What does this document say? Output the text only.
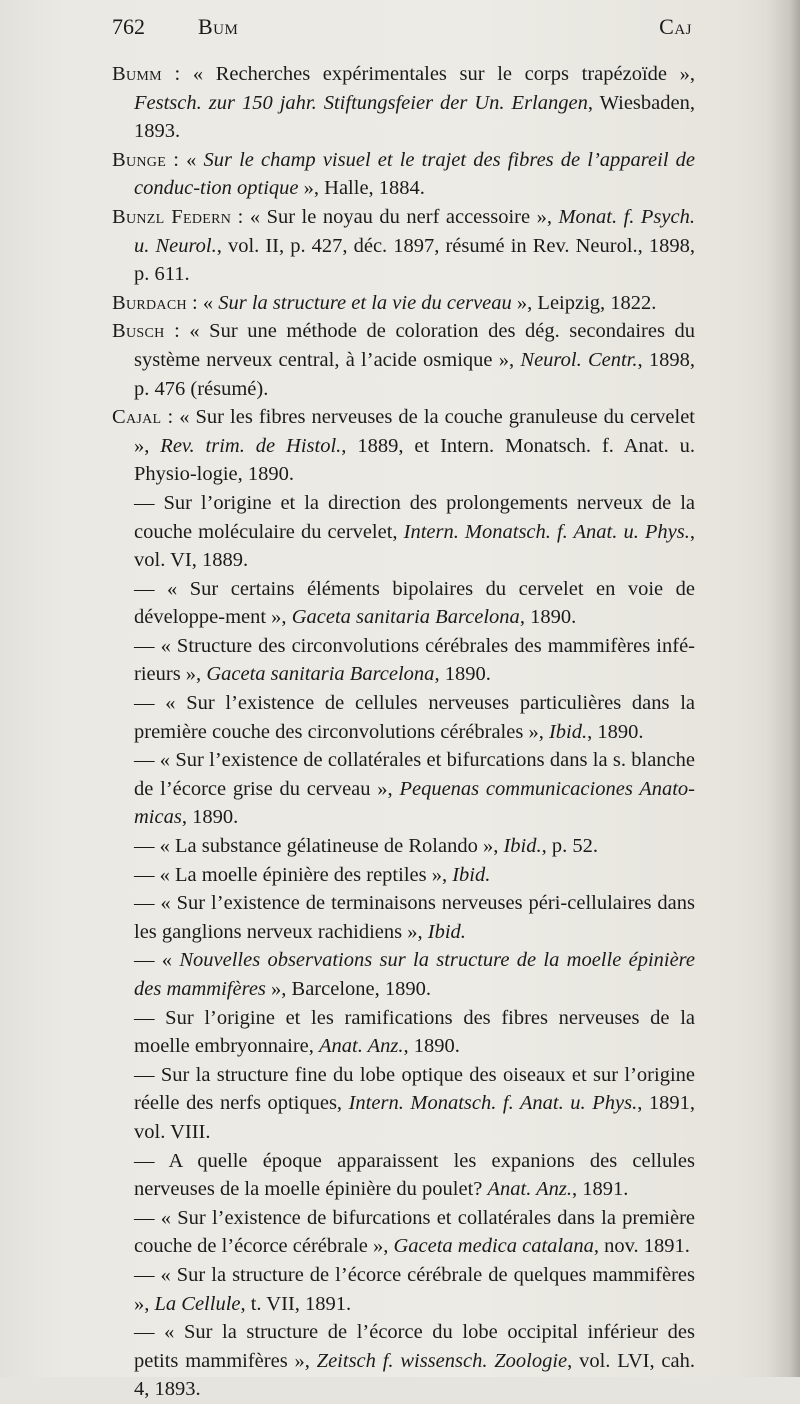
762 Bum	Caj

Bumm : « Recherches expérimentales sur le corps trapézoïde », Festsch. zur 150 jahr. Stiftungsfeier der Un. Erlangen, Wiesbaden, 1893.

Bunge : « Sur le champ visuel et le trajet des fibres de l’appareil de conduc-tion optique », Halle, 1884.

Bunzl Federn : « Sur le noyau du nerf accessoire », Monat. f. Psych. u. Neurol., vol. II, p. 427, déc. 1897, résumé in Rev. Neurol., 1898, p. 611.

Burdach : « Sur la structure et la vie du cerveau », Leipzig, 1822.

Busch : « Sur une méthode de coloration des dég. secondaires du système nerveux central, à l’acide osmique », Neurol. Centr., 1898, p. 476 (résumé).

Cajal : « Sur les fibres nerveuses de la couche granuleuse du cervelet », Rev. trim. de Histol., 1889, et Intern. Monatsch. f. Anat. u. Physio-logie, 1890.

— Sur l’origine et la direction des prolongements nerveux de la couche moléculaire du cervelet, Intern. Monatsch. f. Anat. u. Phys., vol. VI, 1889.

— « Sur certains éléments bipolaires du cervelet en voie de développe-ment », Gaceta sanitaria Barcelona, 1890.

— « Structure des circonvolutions cérébrales des mammifères infé-rieurs », Gaceta sanitaria Barcelona, 1890.

— « Sur l’existence de cellules nerveuses particulières dans la première couche des circonvolutions cérébrales », Ibid., 1890.

— « Sur l’existence de collatérales et bifurcations dans la s. blanche de l’écorce grise du cerveau », Pequenas communicaciones Anato-micas, 1890.

— « La substance gélatineuse de Rolando », Ibid., p. 52.

— « La moelle épinière des reptiles », Ibid.

— « Sur l’existence de terminaisons nerveuses péri-cellulaires dans les ganglions nerveux rachidiens », Ibid.

— « Nouvelles observations sur la structure de la moelle épinière des mammifères », Barcelone, 1890.

— Sur l’origine et les ramifications des fibres nerveuses de la moelle embryonnaire, Anat. Anz., 1890.

— Sur la structure fine du lobe optique des oiseaux et sur l’origine réelle des nerfs optiques, Intern. Monatsch. f. Anat. u. Phys., 1891, vol. VIII.

— A quelle époque apparaissent les expanions des cellules nerveuses de la moelle épinière du poulet? Anat. Anz., 1891.

— « Sur l’existence de bifurcations et collatérales dans la première couche de l’écorce cérébrale », Gaceta medica catalana, nov. 1891.

— « Sur la structure de l’écorce cérébrale de quelques mammifères », La Cellule, t. VII, 1891.

— « Sur la structure de l’écorce du lobe occipital inférieur des petits mammifères », Zeitsch f. wissensch. Zoologie, vol. LVI, cah. 4, 1893.
